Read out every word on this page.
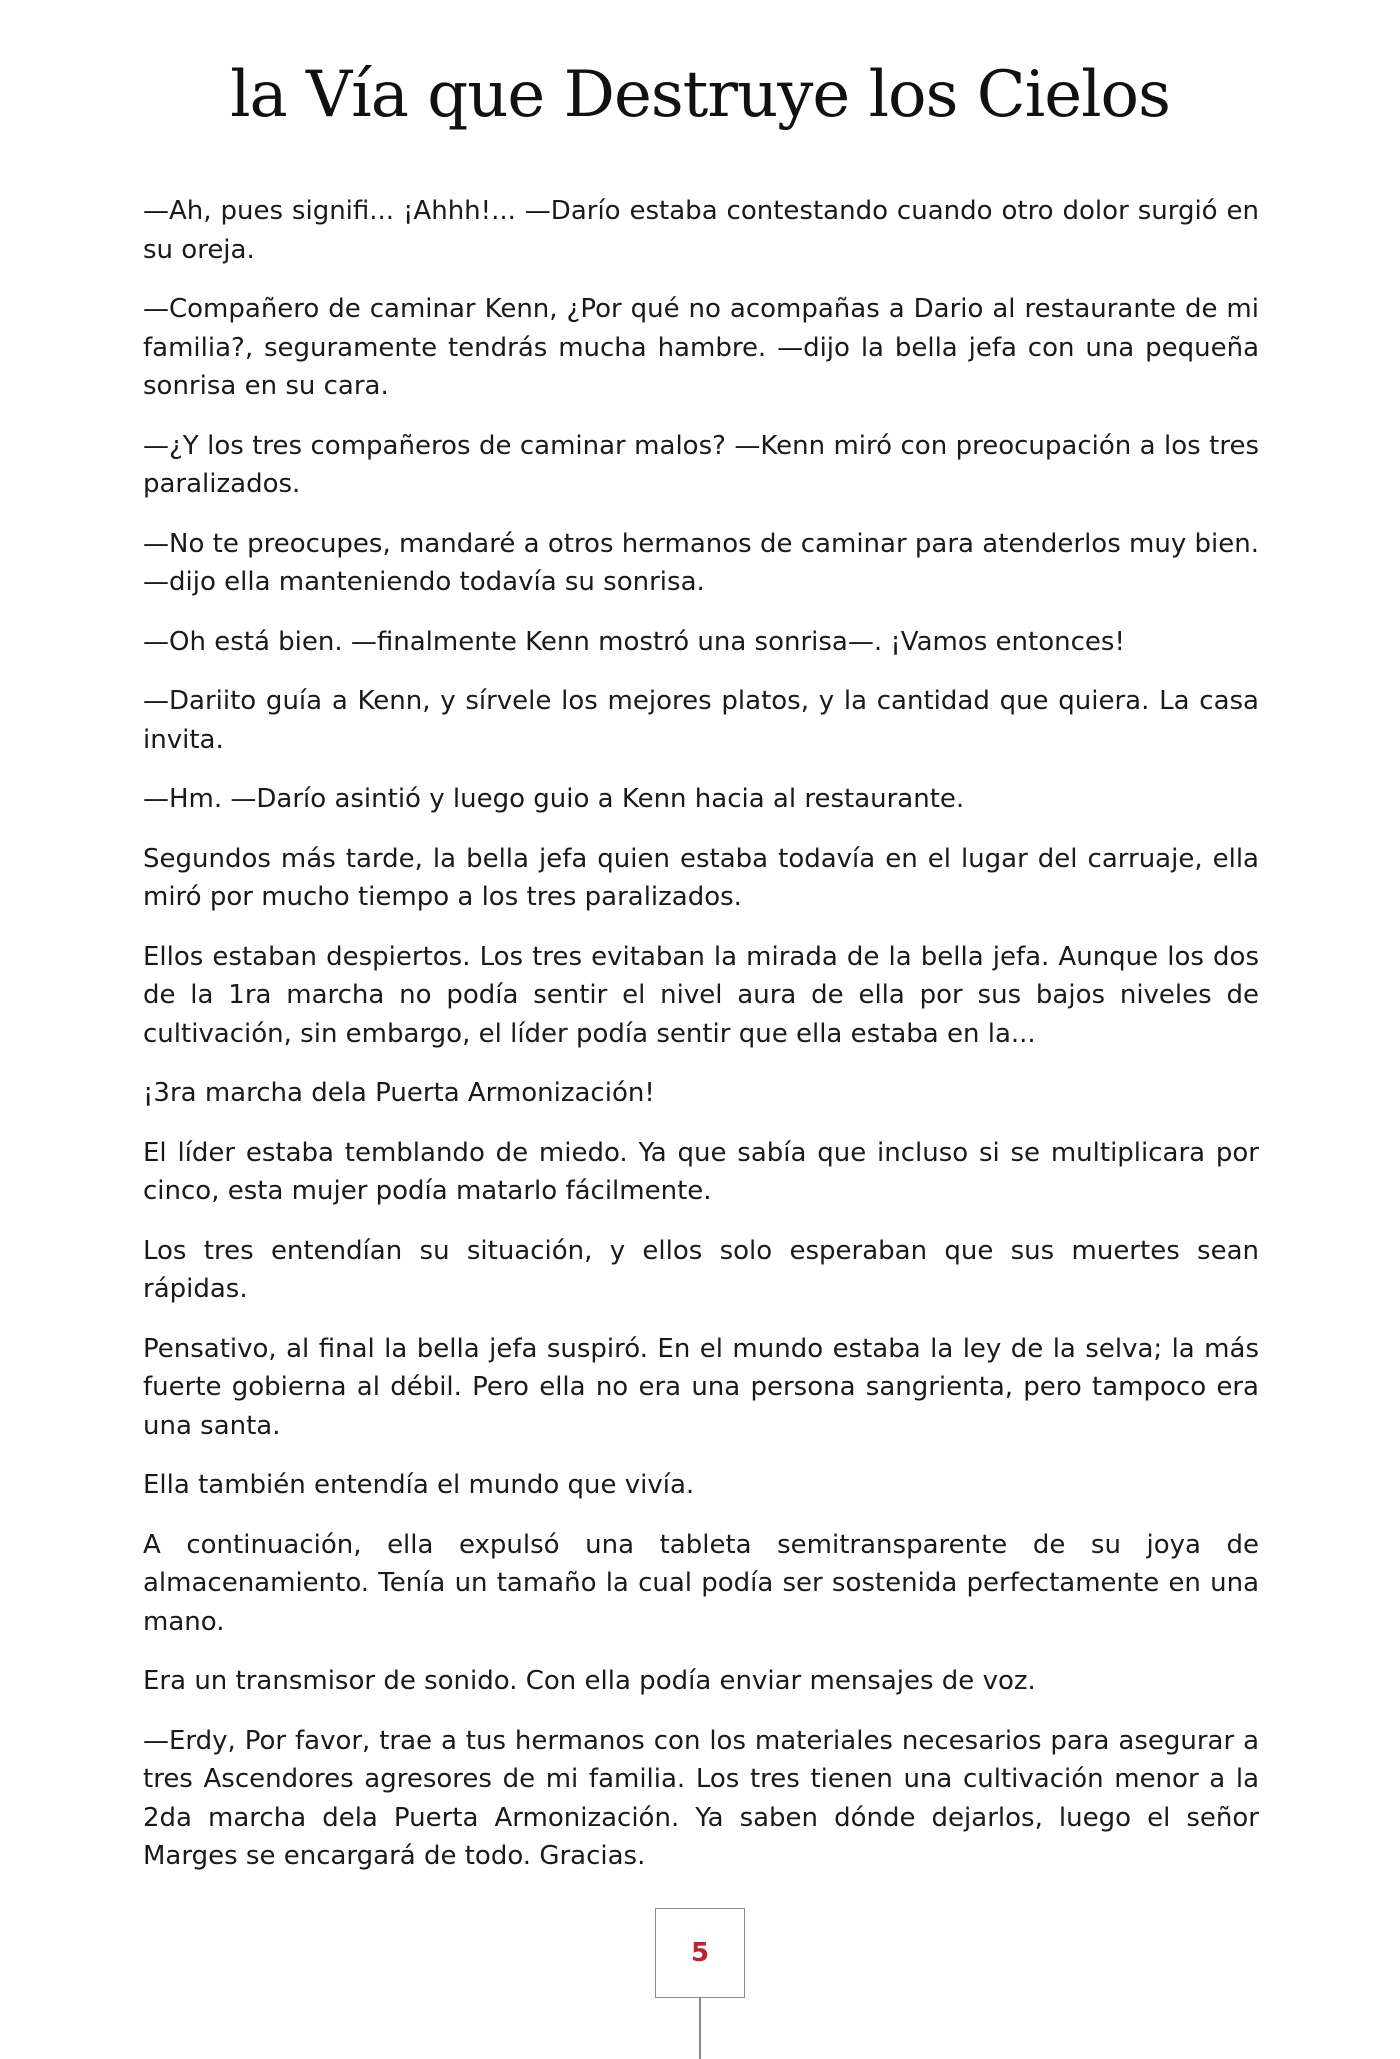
la Vía que Destruye los Cielos

—Ah, pues signifi... ¡Ahhh!... —Darío estaba contestando cuando otro dolor surgió en su oreja.

—Compañero de caminar Kenn, ¿Por qué no acompañas a Dario al restaurante de mi familia?, seguramente tendrás mucha hambre. —dijo la bella jefa con una pequeña sonrisa en su cara.

—¿Y los tres compañeros de caminar malos? —Kenn miró con preocupación a los tres paralizados.

—No te preocupes, mandaré a otros hermanos de caminar para atenderlos muy bien. —dijo ella manteniendo todavía su sonrisa.

—Oh está bien. —finalmente Kenn mostró una sonrisa—. ¡Vamos entonces!

—Dariito guía a Kenn, y sírvele los mejores platos, y la cantidad que quiera. La casa invita.

—Hm. —Darío asintió y luego guio a Kenn hacia al restaurante.

Segundos más tarde, la bella jefa quien estaba todavía en el lugar del carruaje, ella miró por mucho tiempo a los tres paralizados.

Ellos estaban despiertos. Los tres evitaban la mirada de la bella jefa. Aunque los dos de la 1ra marcha no podía sentir el nivel aura de ella por sus bajos niveles de cultivación, sin embargo, el líder podía sentir que ella estaba en la...

¡3ra marcha dela Puerta Armonización!

El líder estaba temblando de miedo. Ya que sabía que incluso si se multiplicara por cinco, esta mujer podía matarlo fácilmente.

Los tres entendían su situación, y ellos solo esperaban que sus muertes sean rápidas.

Pensativo, al final la bella jefa suspiró. En el mundo estaba la ley de la selva; la más fuerte gobierna al débil. Pero ella no era una persona sangrienta, pero tampoco era una santa.

Ella también entendía el mundo que vivía.

A continuación, ella expulsó una tableta semitransparente de su joya de almacenamiento. Tenía un tamaño la cual podía ser sostenida perfectamente en una mano.

Era un transmisor de sonido. Con ella podía enviar mensajes de voz.

—Erdy, Por favor, trae a tus hermanos con los materiales necesarios para asegurar a tres Ascendores agresores de mi familia. Los tres tienen una cultivación menor a la 2da marcha dela Puerta Armonización. Ya saben dónde dejarlos, luego el señor Marges se encargará de todo. Gracias.

5
